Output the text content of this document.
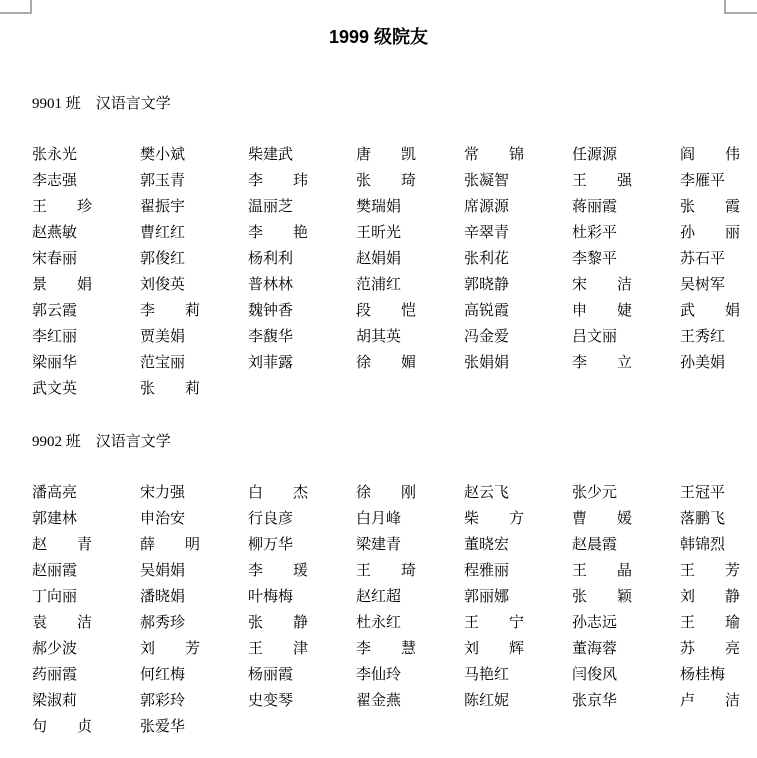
1999 级院友
9901 班　汉语言文学
张永光	樊小斌	柴建武	唐　　凯	常　　锦	任源源	阎　　伟
李志强	郭玉青	李　　玮	张　　琦	张凝智	王　　强	李雁平
王　　珍	翟振宇	温丽芝	樊瑞娟	席源源	蒋丽霞	张　　霞
赵燕敏	曹红红	李　　艳	王昕光	辛翠青	杜彩平	孙　　丽
宋春丽	郭俊红	杨利利	赵娟娟	张利花	李黎平	苏石平
景　　娟	刘俊英	普林林	范浦红	郭晓静	宋　　洁	吴树军
郭云霞	李　　莉	魏钟香	段　　恺	高锐霞	申　　婕	武　　娟
李红丽	贾美娟	李馥华	胡其英	冯金爱	吕文丽	王秀红
梁丽华	范宝丽	刘菲露	徐　　媚	张娟娟	李　　立	孙美娟
武文英	张　　莉
9902 班　汉语言文学
潘高亮	宋力强	白　　杰	徐　　刚	赵云飞	张少元	王冠平
郭建林	申治安	行良彦	白月峰	柴　　方	曹　　媛	落鹏飞
赵　　青	薛　　明	柳万华	梁建青	董晓宏	赵晨霞	韩锦烈
赵丽霞	吴娟娟	李　　瑗	王　　琦	程雅丽	王　　晶	王　　芳
丁向丽	潘晓娟	叶梅梅	赵红超	郭丽娜	张　　颖	刘　　静
袁　　洁	郝秀珍	张　　静	杜永红	王　　宁	孙志远	王　　瑜
郝少波	刘　　芳	王　　津	李　　慧	刘　　辉	董海蓉	苏　　亮
药丽霞	何红梅	杨丽霞	李仙玲	马艳红	闫俊风	杨桂梅
梁淑莉	郭彩玲	史变琴	翟金燕	陈红妮	张京华	卢　　洁
句　　贞	张爱华
